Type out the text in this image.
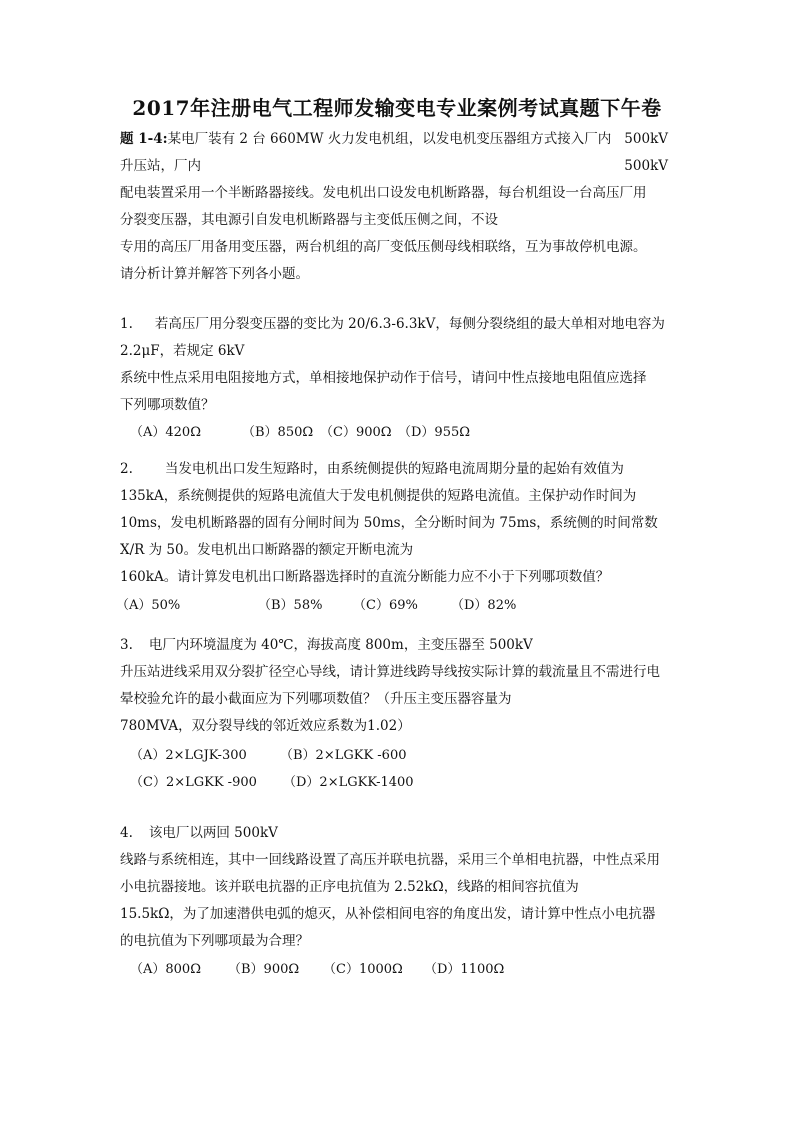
2017年注册电气工程师发输变电专业案例考试真题下午卷
题 1-4:某电厂装有 2 台 660MW 火力发电机组，以发电机变压器组方式接入厂内 500kV
升压站，厂内	500kV
配电装置采用一个半断路器接线。发电机出口设发电机断路器，每台机组设一台高压厂用
分裂变压器，其电源引自发电机断路器与主变低压侧之间，不设
专用的高压厂用备用变压器，两台机组的高厂变低压侧母线相联络，互为事故停机电源。
请分析计算并解答下列各小题。
1. 若高压厂用分裂变压器的变比为 20/6.3-6.3kV，每侧分裂绕组的最大单相对地电容为
2.2μF，若规定 6kV
系统中性点采用电阻接地方式，单相接地保护动作于信号，请问中性点接地电阻值应选择
下列哪项数值？
（A）420Ω	（B）850Ω （C）900Ω （D）955Ω
2. 当发电机出口发生短路时，由系统侧提供的短路电流周期分量的起始有效值为
135kA，系统侧提供的短路电流值大于发电机侧提供的短路电流值。主保护动作时间为
10ms，发电机断路器的固有分闸时间为 50ms，全分断时间为 75ms，系统侧的时间常数
X/R 为 50。发电机出口断路器的额定开断电流为
160kA。请计算发电机出口断路器选择时的直流分断能力应不小于下列哪项数值？
（A）50%	（B）58% （C）69%	（D）82%
3. 电厂内环境温度为 40℃，海拔高度 800m，主变压器至 500kV
升压站进线采用双分裂扩径空心导线，请计算进线跨导线按实际计算的载流量且不需进行电
晕校验允许的最小截面应为下列哪项数值？（升压主变压器容量为
780MVA，双分裂导线的邻近效应系数为1.02）
（A）2×LGJK-300	（B）2×LGKK -600
（C）2×LGKK -900 （D）2×LGKK-1400
4. 该电厂以两回 500kV
线路与系统相连，其中一回线路设置了高压并联电抗器，采用三个单相电抗器，中性点采用
小电抗器接地。该并联电抗器的正序电抗值为 2.52kΩ，线路的相间容抗值为
15.5kΩ，为了加速潜供电弧的熄灭，从补偿相间电容的角度出发，请计算中性点小电抗器
的电抗值为下列哪项最为合理？
（A）800Ω （B）900Ω （C）1000Ω （D）1100Ω
